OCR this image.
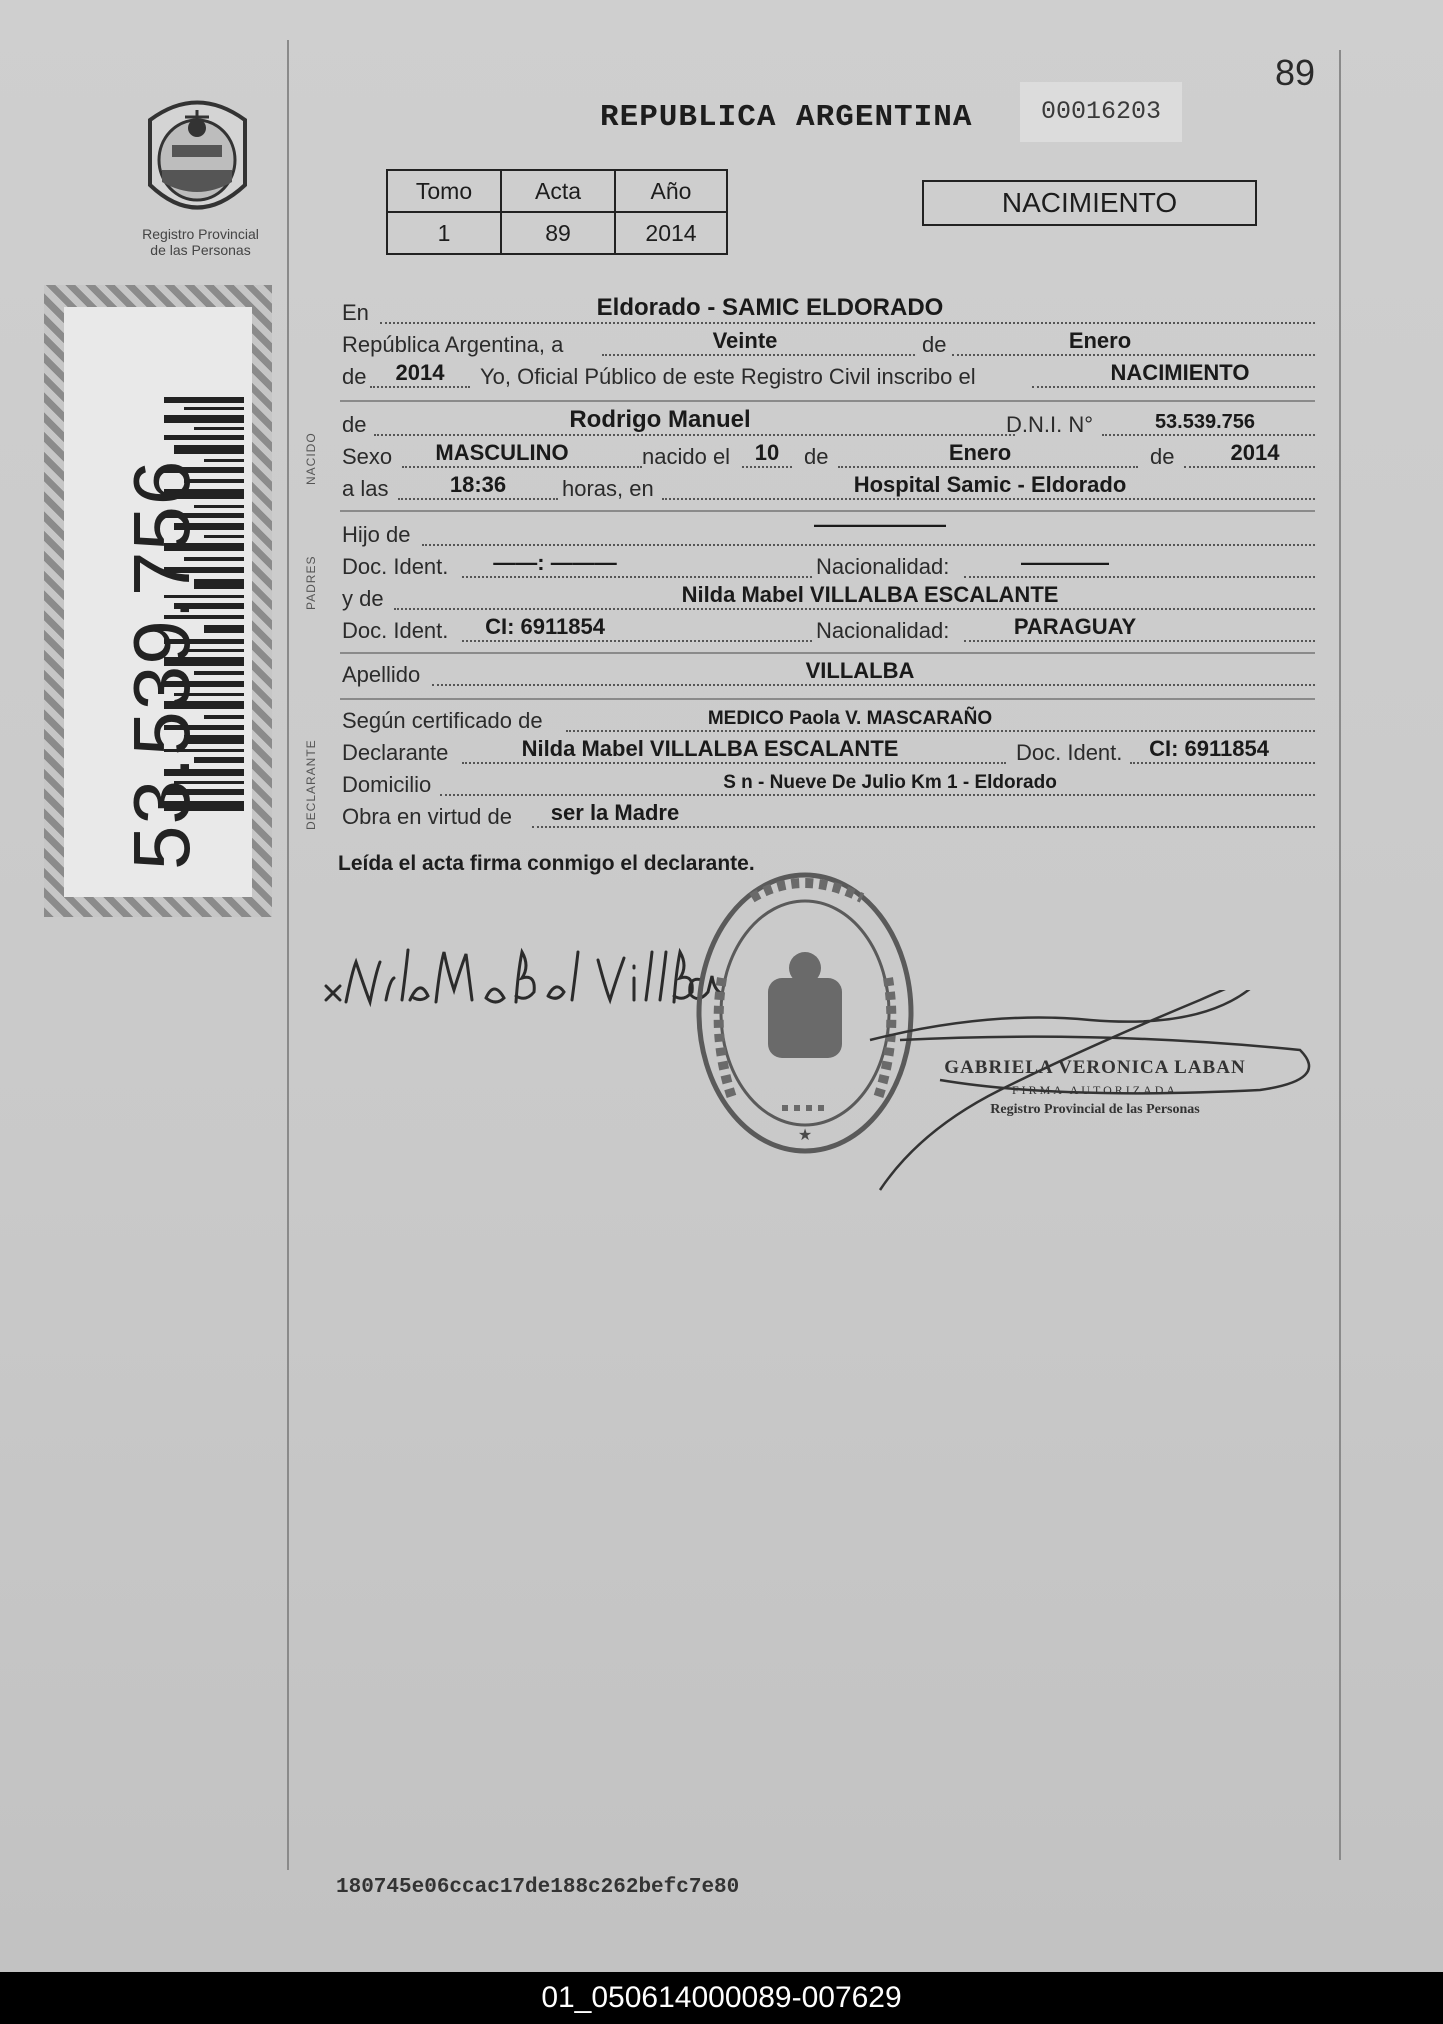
89
REPUBLICA ARGENTINA	00016203
Tomo	Acta	Año
1	89	2014
NACIMIENTO
Registro Provincial
de las Personas
53.539.756
NACIDO
PADRES
DECLARANTE
En	Eldorado - SAMIC ELDORADO
República Argentina, a	Veinte	de	Enero
de	2014	Yo, Oficial Público de este Registro Civil inscribo el	NACIMIENTO
de	Rodrigo Manuel	D.N.I. N°	53.539.756
Sexo	MASCULINO	nacido el	10	de	Enero	de	2014
a las	18:36	horas, en	Hospital Samic - Eldorado
Hijo de	——————
Doc. Ident.	——: ———	Nacionalidad:	————
y de	Nilda Mabel VILLALBA ESCALANTE
Doc. Ident.	CI: 6911854	Nacionalidad:	PARAGUAY
Apellido	VILLALBA
Según certificado de	MEDICO Paola V. MASCARAÑO
Declarante	Nilda Mabel VILLALBA ESCALANTE	Doc. Ident.	CI: 6911854
Domicilio	S n - Nueve De Julio Km 1 - Eldorado
Obra en virtud de	ser la Madre
Leída el acta firma conmigo el declarante.
★
GABRIELA VERONICA LABAN
FIRMA AUTORIZADA
Registro Provincial de las Personas
180745e06ccac17de188c262befc7e80
01_050614000089-007629
